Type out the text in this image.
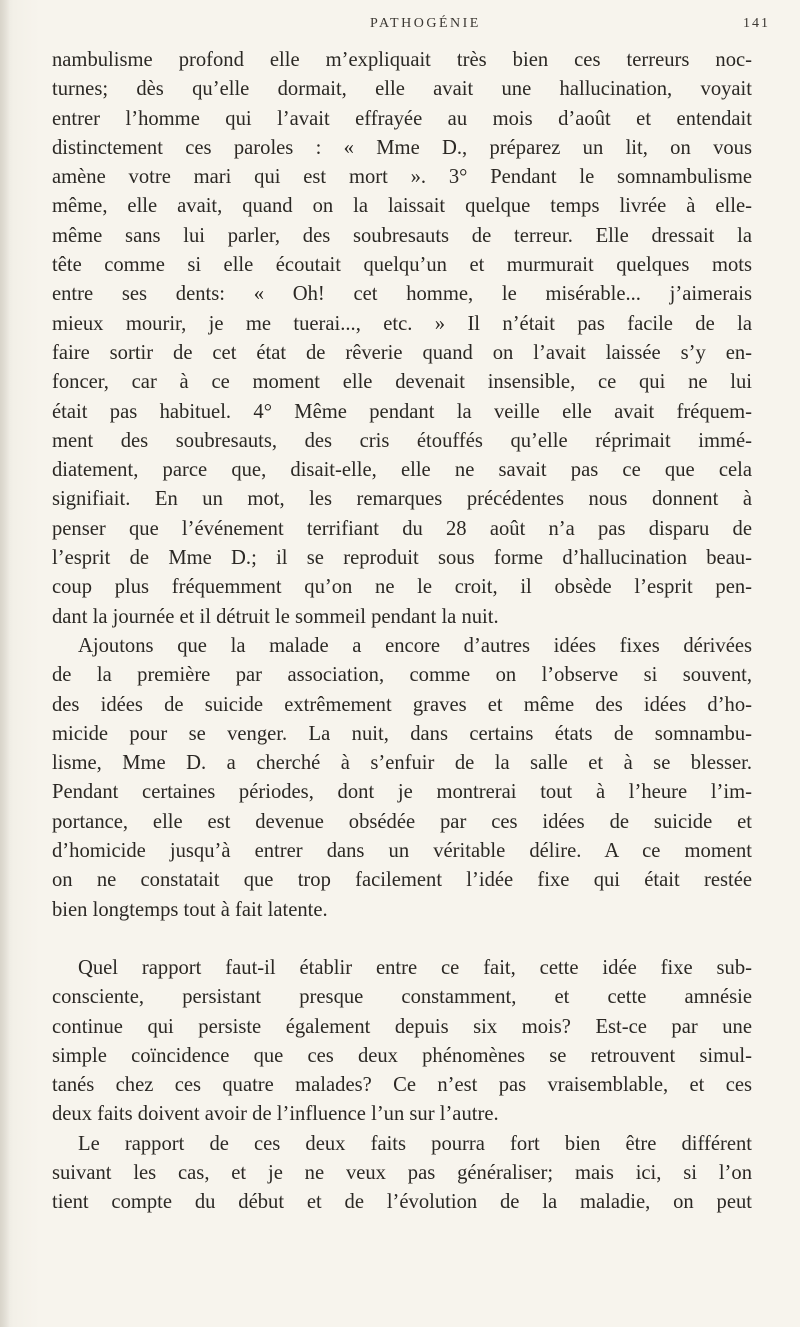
PATHOGÉNIE	141

nambulisme profond elle m’expliquait très bien ces terreurs noc-
turnes; dès qu’elle dormait, elle avait une hallucination, voyait
entrer l’homme qui l’avait effrayée au mois d’août et entendait
distinctement ces paroles : « Mme D., préparez un lit, on vous
amène votre mari qui est mort ». 3° Pendant le somnambulisme
même, elle avait, quand on la laissait quelque temps livrée à elle-
même sans lui parler, des soubresauts de terreur. Elle dressait la
tête comme si elle écoutait quelqu’un et murmurait quelques mots
entre ses dents: « Oh! cet homme, le misérable... j’aimerais
mieux mourir, je me tuerai..., etc. » Il n’était pas facile de la
faire sortir de cet état de rêverie quand on l’avait laissée s’y en-
foncer, car à ce moment elle devenait insensible, ce qui ne lui
était pas habituel. 4° Même pendant la veille elle avait fréquem-
ment des soubresauts, des cris étouffés qu’elle réprimait immé-
diatement, parce que, disait-elle, elle ne savait pas ce que cela
signifiait. En un mot, les remarques précédentes nous donnent à
penser que l’événement terrifiant du 28 août n’a pas disparu de
l’esprit de Mme D.; il se reproduit sous forme d’hallucination beau-
coup plus fréquemment qu’on ne le croit, il obsède l’esprit pen-
dant la journée et il détruit le sommeil pendant la nuit.

Ajoutons que la malade a encore d’autres idées fixes dérivées
de la première par association, comme on l’observe si souvent,
des idées de suicide extrêmement graves et même des idées d’ho-
micide pour se venger. La nuit, dans certains états de somnambu-
lisme, Mme D. a cherché à s’enfuir de la salle et à se blesser.
Pendant certaines périodes, dont je montrerai tout à l’heure l’im-
portance, elle est devenue obsédée par ces idées de suicide et
d’homicide jusqu’à entrer dans un véritable délire. A ce moment
on ne constatait que trop facilement l’idée fixe qui était restée
bien longtemps tout à fait latente.

Quel rapport faut-il établir entre ce fait, cette idée fixe sub-
consciente, persistant presque constamment, et cette amnésie
continue qui persiste également depuis six mois? Est-ce par une
simple coïncidence que ces deux phénomènes se retrouvent simul-
tanés chez ces quatre malades? Ce n’est pas vraisemblable, et ces
deux faits doivent avoir de l’influence l’un sur l’autre.

Le rapport de ces deux faits pourra fort bien être différent
suivant les cas, et je ne veux pas généraliser; mais ici, si l’on
tient compte du début et de l’évolution de la maladie, on peut
